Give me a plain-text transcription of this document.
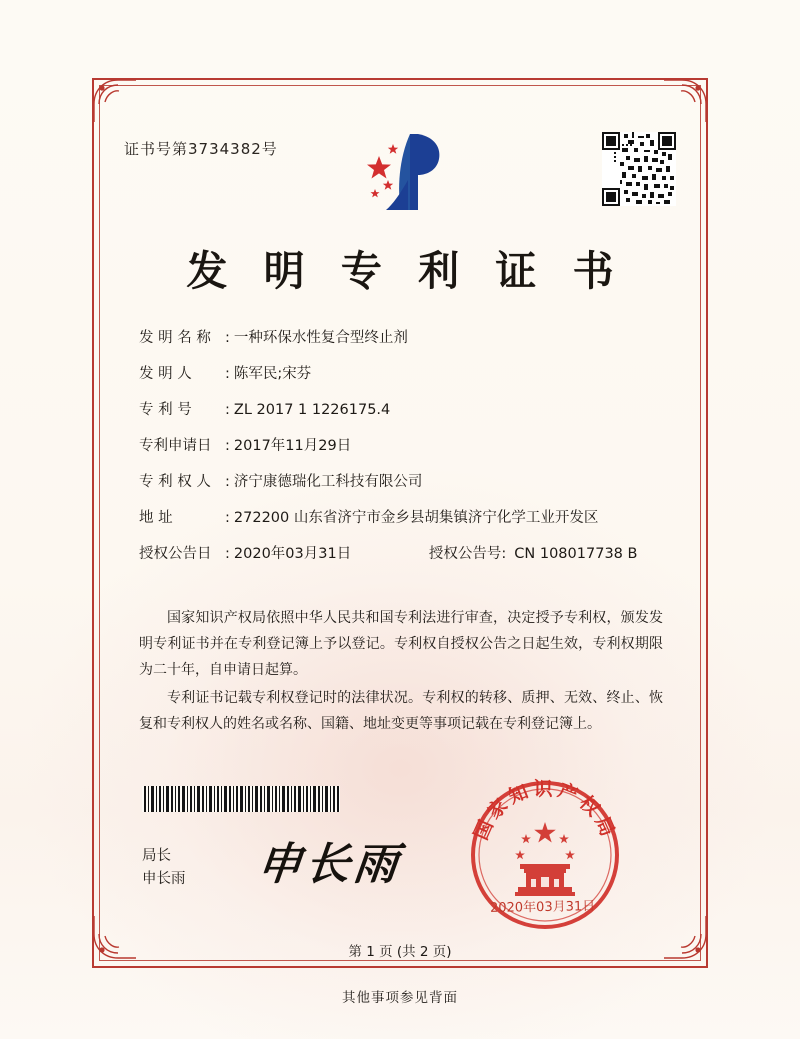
证书号第3734382号
发 明 专 利 证 书
发 明 名 称 : 一种环保水性复合型终止剂
发 明 人	: 陈军民;宋芬
专 利 号	: ZL 2017 1 1226175.4
专利申请日 : 2017年11月29日
专 利 权 人 : 济宁康德瑞化工科技有限公司
地 址	: 272200 山东省济宁市金乡县胡集镇济宁化学工业开发区
授权公告日 : 2020年03月31日	授权公告号 : CN 108017738 B

国家知识产权局依照中华人民共和国专利法进行审查，决定授予专利权，颁发发明专利证书并在专利登记簿上予以登记。专利权自授权公告之日起生效，专利权期限为二十年，自申请日起算。

专利证书记载专利权登记时的法律状况。专利权的转移、质押、无效、终止、恢复和专利权人的姓名或名称、国籍、地址变更等事项记载在专利登记簿上。

局长
申长雨 申长雨
国家知识产权局
2020年03月31日
第 1 页 (共 2 页)
其他事项参见背面
